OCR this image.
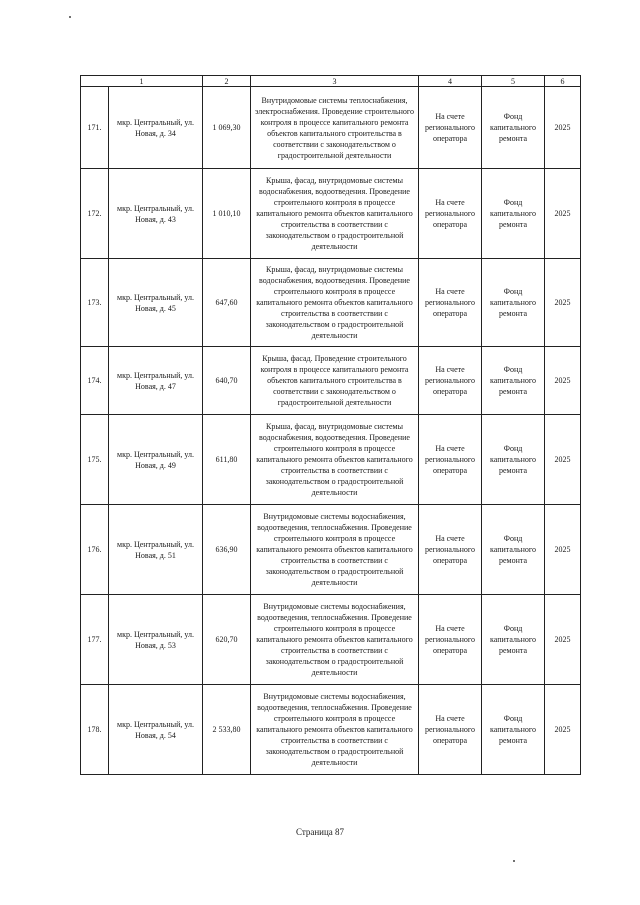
1		2	3	4	5	6
171.	мкр. Центральный, ул. Новая, д. 34	1 069,30	Внутридомовые системы теплоснабжения, электроснабжения. Проведение строительного контроля в процессе капитального ремонта объектов капитального строительства в соответствии с законодательством о градостроительной деятельности	На счете регионального оператора	Фонд капитального ремонта	2025
172.	мкр. Центральный, ул. Новая, д. 43	1 010,10	Крыша, фасад, внутридомовые системы водоснабжения, водоотведения. Проведение строительного контроля в процессе капитального ремонта объектов капитального строительства в соответствии с законодательством о градостроительной деятельности	На счете регионального оператора	Фонд капитального ремонта	2025
173.	мкр. Центральный, ул. Новая, д. 45	647,60	Крыша, фасад, внутридомовые системы водоснабжения, водоотведения. Проведение строительного контроля в процессе капитального ремонта объектов капитального строительства в соответствии с законодательством о градостроительной деятельности	На счете регионального оператора	Фонд капитального ремонта	2025
174.	мкр. Центральный, ул. Новая, д. 47	640,70	Крыша, фасад. Проведение строительного контроля в процессе капитального ремонта объектов капитального строительства в соответствии с законодательством о градостроительной деятельности	На счете регионального оператора	Фонд капитального ремонта	2025
175.	мкр. Центральный, ул. Новая, д. 49	611,80	Крыша, фасад, внутридомовые системы водоснабжения, водоотведения. Проведение строительного контроля в процессе капитального ремонта объектов капитального строительства в соответствии с законодательством о градостроительной деятельности	На счете регионального оператора	Фонд капитального ремонта	2025
176.	мкр. Центральный, ул. Новая, д. 51	636,90	Внутридомовые системы водоснабжения, водоотведения, теплоснабжения. Проведение строительного контроля в процессе капитального ремонта объектов капитального строительства в соответствии с законодательством о градостроительной деятельности	На счете регионального оператора	Фонд капитального ремонта	2025
177.	мкр. Центральный, ул. Новая, д. 53	620,70	Внутридомовые системы водоснабжения, водоотведения, теплоснабжения. Проведение строительного контроля в процессе капитального ремонта объектов капитального строительства в соответствии с законодательством о градостроительной деятельности	На счете регионального оператора	Фонд капитального ремонта	2025
178.	мкр. Центральный, ул. Новая, д. 54	2 533,80	Внутридомовые системы водоснабжения, водоотведения, теплоснабжения. Проведение строительного контроля в процессе капитального ремонта объектов капитального строительства в соответствии с законодательством о градостроительной деятельности	На счете регионального оператора	Фонд капитального ремонта	2025
Страница 87
